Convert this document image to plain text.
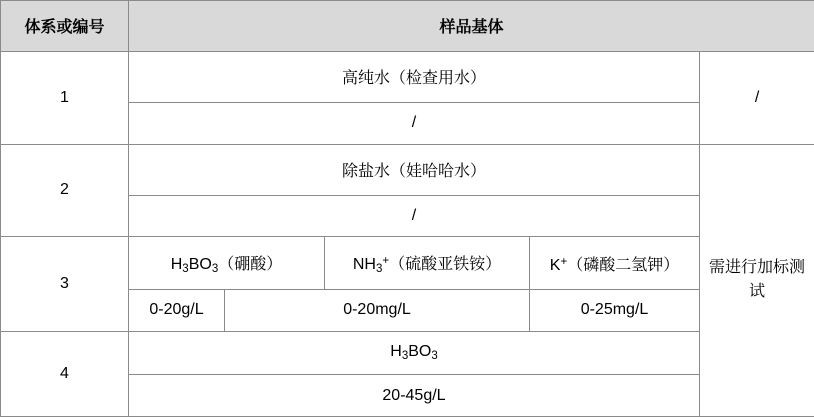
体系或编号	样品基体				
1	高纯水（检查用水）				/
	/				
2	除盐水（娃哈哈水）				需进行加标测试
	/				
3	$H_3BO_3$（硼酸）		$NH_3^+$（硫酸亚铁铵）	K+（磷酸二氢钾）	
	0-20g/L	0-20mg/L		0-25mg/L	
4	$H_3BO_3$
	20-45g/L				
